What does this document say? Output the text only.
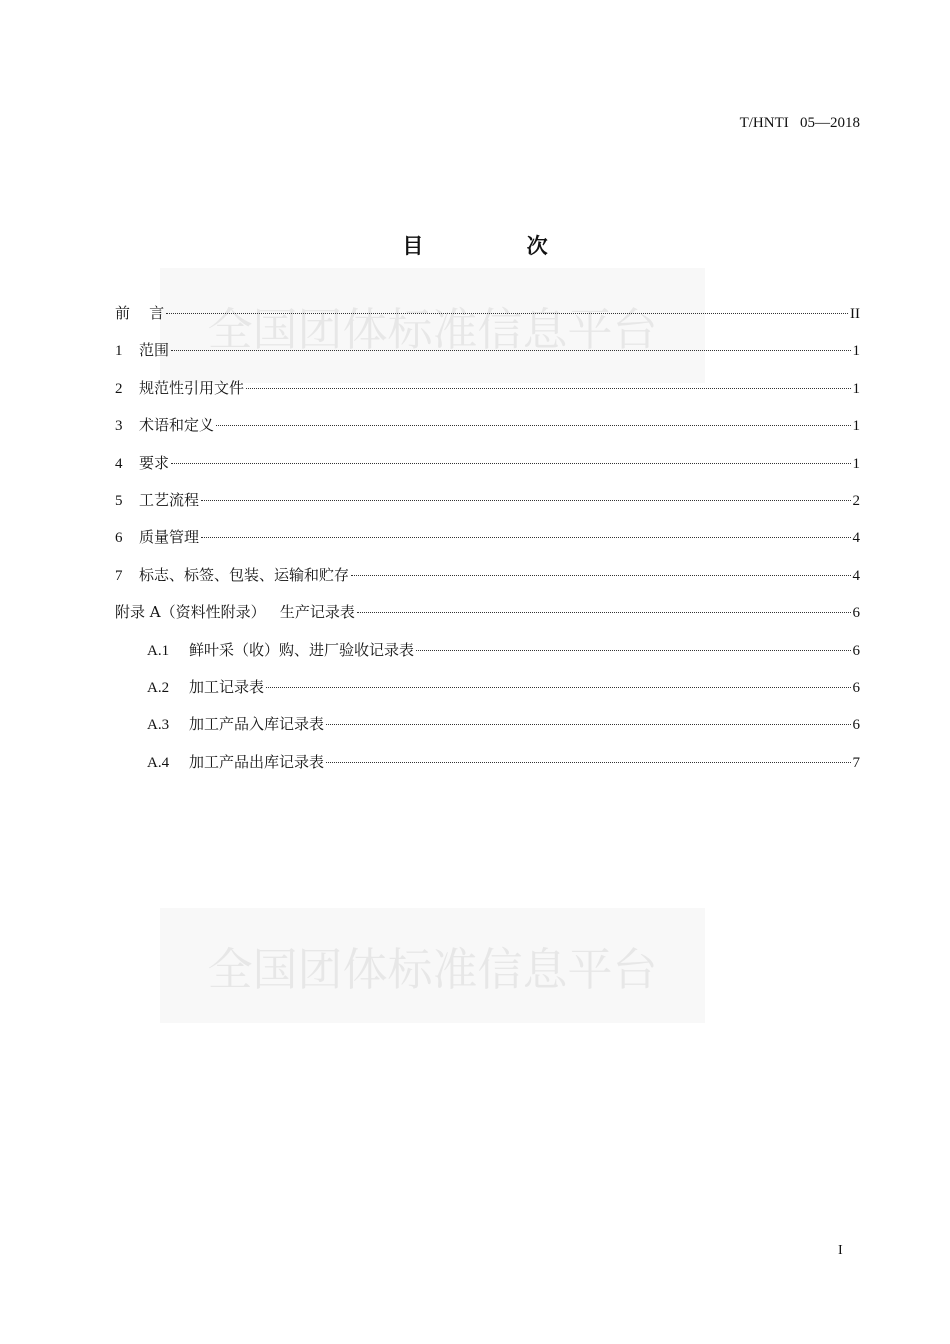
全国团体标准信息平台
全国团体标准信息平台
T/HNTI   05—2018
目 次
前    言	II
1	范围	1
2	规范性引用文件	1
3	术语和定义	1
4	要求	1
5	工艺流程	2
6	质量管理	4
7	标志、标签、包装、运输和贮存	4
附录 A（资料性附录）   生产记录表	6
A.1	鲜叶采（收）购、进厂验收记录表	6
A.2	加工记录表	6
A.3	加工产品入库记录表	6
A.4	加工产品出库记录表	7
I
